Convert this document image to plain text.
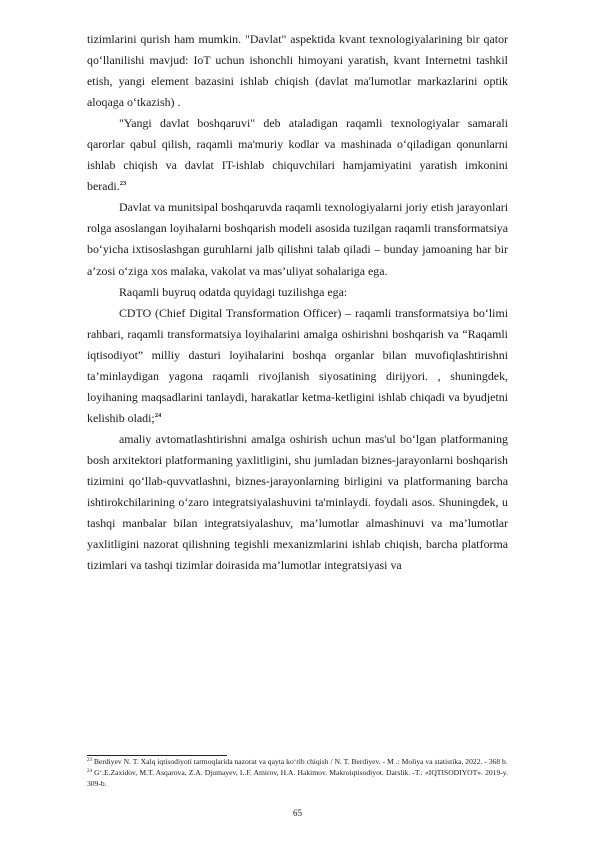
tizimlarini qurish ham mumkin. "Davlat" aspektida kvant texnologiyalarining bir qator qo‘llanilishi mavjud: IoT uchun ishonchli himoyani yaratish, kvant Internetni tashkil etish, yangi element bazasini ishlab chiqish (davlat ma'lumotlar markazlarini optik aloqaga o‘tkazish) .

"Yangi davlat boshqaruvi" deb ataladigan raqamli texnologiyalar samarali qarorlar qabul qilish, raqamli ma'muriy kodlar va mashinada o‘qiladigan qonunlarni ishlab chiqish va davlat IT-ishlab chiquvchilari hamjamiyatini yaratish imkonini beradi.$^{23}$

Davlat va munitsipal boshqaruvda raqamli texnologiyalarni joriy etish jarayonlari rolga asoslangan loyihalarni boshqarish modeli asosida tuzilgan raqamli transformatsiya bo‘yicha ixtisoslashgan guruhlarni jalb qilishni talab qiladi – bunday jamoaning har bir a’zosi o‘ziga xos malaka, vakolat va mas’uliyat sohalariga ega.

Raqamli buyruq odatda quyidagi tuzilishga ega:

CDTO (Chief Digital Transformation Officer) – raqamli transformatsiya bo‘limi rahbari, raqamli transformatsiya loyihalarini amalga oshirishni boshqarish va “Raqamli iqtisodiyot” milliy dasturi loyihalarini boshqa organlar bilan muvofiqlashtirishni ta’minlaydigan yagona raqamli rivojlanish siyosatining dirijyori. , shuningdek, loyihaning maqsadlarini tanlaydi, harakatlar ketma-ketligini ishlab chiqadi va byudjetni kelishib oladi;$^{24}$

amaliy avtomatlashtirishni amalga oshirish uchun mas'ul bo‘lgan platformaning bosh arxitektori platformaning yaxlitligini, shu jumladan biznes-jarayonlarni boshqarish tizimini qo‘llab-quvvatlashni, biznes-jarayonlarning birligini va platformaning barcha ishtirokchilarining o‘zaro integratsiyalashuvini ta'minlaydi. foydali asos. Shuningdek, u tashqi manbalar bilan integratsiyalashuv, ma’lumotlar almashinuvi va ma’lumotlar yaxlitligini nazorat qilishning tegishli mexanizmlarini ishlab chiqish, barcha platforma tizimlari va tashqi tizimlar doirasida ma’lumotlar integratsiyasi va

$^{23}$ Berdiyev N. T. Xalq iqtisodiyoti tarmoqlarida nazorat va qayta ko‘rib chiqish / N. T. Berdiyev. - M .: Moliya va statistika, 2022. - 368 b.

$^{24}$ G‘.E.Zaxidov, M.T. Asqarova, Z.A. Djumayev, L.F. Amirov, H.A. Hakimov. Makroiqtisodiyot. Darslik. -T.: «IQTISODIYOT». 2019-y. 309-b.

65
